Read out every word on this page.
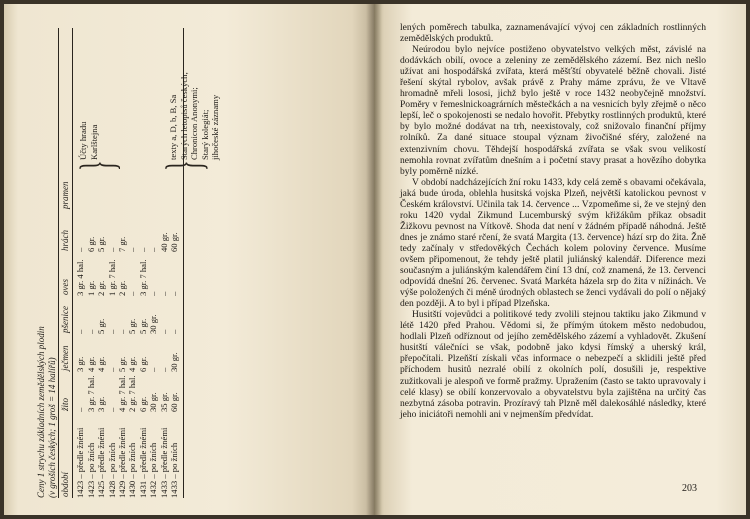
Ceny 1 strychu základních zemědělských plodin (v groších českých; 1 groš = 14 halířů) období
žito
ječmen
pšenice
oves
hrách
pramen
1423 – předle žnémi
–
3 gr.
–
3 gr. 4 hal.
–
1423 – po žních
3 gr. 7 hal.
4 gr.
–
1 gr.
6 gr.
1425 – předle žnémi
3 gr.
4 gr.
5 gr.
2 gr.
5 gr.
1428 – po žních
–
–
–
1 gr. 7 hal.
–
1429 – předle žnémi
4 gr. 7 hal.
5 gr.
–
2 gr.
7 gr.
1430 – po žních
2 gr. 7 hal.
4 gr.
5 gr.
–
–
1431 – předle žnémi
6 gr.
6 gr.
5 gr.
3 gr. 7 hal.
–
1432 – po žních
30 gr.
–
30 gr.
–
–
1433 – předle žnémi
35 gr.
–
–
–
40 gr.
1433 – po žních
60 gr.
30 gr.
–
–
60 gr.
}
Účty hradu Karlštejna
}
texty a, D, b, B, Sa Starých letopisů českých; Chronicon Anonymi; Starý kolegiát; jihočeské záznamy

lených poměrech tabulka, zaznamenávající vývoj cen základních rostlinných zemědělských produktů.

Neúrodou bylo nejvíce postiženo obyvatelstvo velkých měst, závislé na dodávkách obilí, ovoce a zeleniny ze zemědělského zázemí. Bez nich nešlo užívat ani hospodářská zvířata, která měšťští obyvatelé běžně chovali. Jisté řešení skýtal rybolov, avšak právě z Prahy máme zprávu, že ve Vltavě hromadně mřeli lososi, jichž bylo ještě v roce 1432 neobyčejně množství. Poměry v řemeslnickoagrárních městečkách a na vesnicích byly zřejmě o něco lepší, leč o spokojenosti se nedalo hovořit. Přebytky rostlinných produktů, které by bylo možné dodávat na trh, neexistovaly, což snižovalo finanční příjmy rolníků. Za dané situace stoupal význam živočišné sféry, založené na extenzivním chovu. Těhdejší hospodářská zvířata se však svou velikostí nemohla rovnat zvířatům dnešním a i početní stavy prasat a hovězího dobytka byly poměrně nízké.

V období nadcházejících žní roku 1433, kdy celá země s obavami očekávala, jaká bude úroda, oblehla husitská vojska Plzeň, největší katolickou pevnost v Českém království. Učinila tak 14. července ... Vzpomeňme si, že ve stejný den roku 1420 vydal Zikmund Lucemburský svým křižákům příkaz obsadit Žižkovu pevnost na Vítkově. Shoda dat není v žádném případě náhodná. Ještě dnes je známo staré rčení, že svatá Margita (13. července) hází srp do žita. Žně tedy začínaly v středověkých Čechách kolem poloviny července. Musíme ovšem připomenout, že tehdy ještě platil juliánský kalendář. Diference mezi současným a juliánským kalendářem činí 13 dní, což znamená, že 13. červenci odpovídá dnešní 26. červenec. Svatá Markéta házela srp do žita v nížinách. Ve výše položených či méně úrodných oblastech se ženci vydávali do polí o nějaký den později. A to byl i případ Plzeňska.

Husitští vojevůdci a politikové tedy zvolili stejnou taktiku jako Zikmund v létě 1420 před Prahou. Vědomi si, že přímým útokem město nedobudou, hodlali Plzeň odříznout od jejího zemědělského zázemí a vyhladovět. Zkušení husitští válečníci se však, podobně jako kdysi římský a uherský král, přepočítali. Plzeňští získali včas informace o nebezpečí a sklidili ještě před příchodem husitů nezralé obilí z okolních polí, dosušili je, respektive zužitkovali je alespoň ve formě pražmy. Upražením (často se takto upravovaly i celé klasy) se obilí konzervovalo a obyvatelstvu byla zajištěna na určitý čas nezbytná zásoba potravin. Prozíravý tah Plzně měl dalekosáhlé následky, které jeho iniciátoři nemohli ani v nejmenším předvídat.

203
